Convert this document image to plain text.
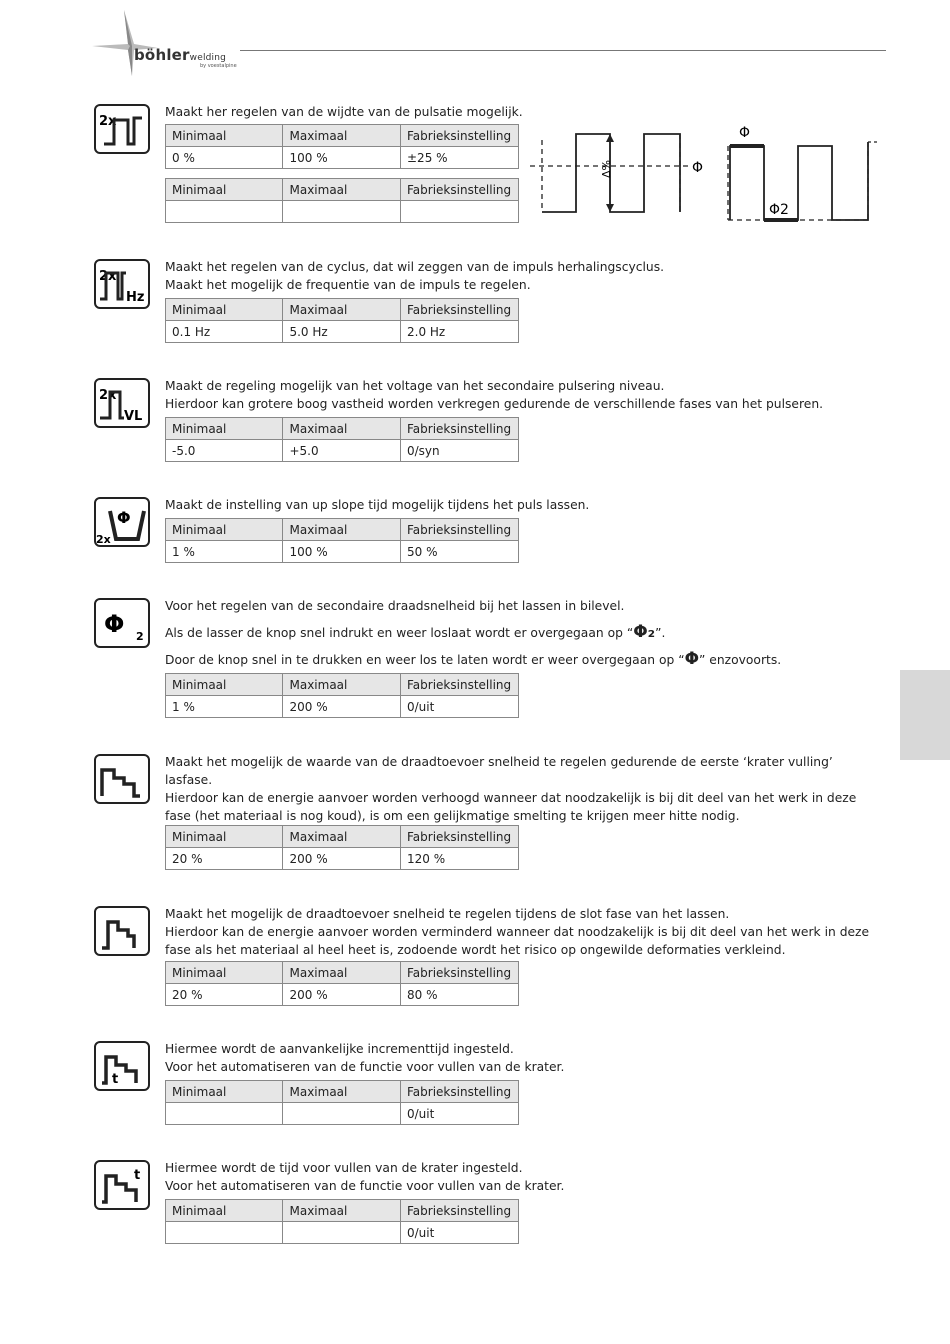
böhlerwelding
by voestalpine
2x

Maakt her regelen van de wijdte van de pulsatie mogelijk.

Minimaal	Maximaal	Fabrieksinstelling
0 %	100 %	±25 %
Minimaal	Maximaal	Fabrieksinstelling

Δ%	Φ
Φ
Φ2
2x
Hz

Maakt het regelen van de cyclus, dat wil zeggen van de impuls herhalingscyclus.

Maakt het mogelijk de frequentie van de impuls te regelen.

Minimaal	Maximaal	Fabrieksinstelling
0.1 Hz	5.0 Hz	2.0 Hz
2x
VL

Maakt de regeling mogelijk van het voltage van het secondaire pulsering niveau.

Hierdoor kan grotere boog vastheid worden verkregen gedurende de verschillende fases van het pulseren.

Minimaal	Maximaal	Fabrieksinstelling
-5.0	+5.0	0/syn
2x
Φ

Maakt de instelling van up slope tijd mogelijk tijdens het puls lassen.

Minimaal	Maximaal	Fabrieksinstelling
1 %	100 %	50 %
Φ 2

Voor het regelen van de secondaire draadsnelheid bij het lassen in bilevel.

Als de lasser de knop snel indrukt en weer loslaat wordt er overgegaan op “Φ₂”.

Door de knop snel in te drukken en weer los te laten wordt er weer overgegaan op “Φ” enzovoorts.

Minimaal	Maximaal	Fabrieksinstelling
1 %	200 %	0/uit

Maakt het mogelijk de waarde van de draadtoevoer snelheid te regelen gedurende de eerste ‘krater vulling’

lasfase.

Hierdoor kan de energie aanvoer worden verhoogd wanneer dat noodzakelijk is bij dit deel van het werk in deze

fase (het materiaal is nog koud), is om een gelijkmatige smelting te krijgen meer hitte nodig.

Minimaal	Maximaal	Fabrieksinstelling
20 %	200 %	120 %

Maakt het mogelijk de draadtoevoer snelheid te regelen tijdens de slot fase van het lassen.

Hierdoor kan de energie aanvoer worden verminderd wanneer dat noodzakelijk is bij dit deel van het werk in deze

fase als het materiaal al heel heet is, zodoende wordt het risico op ongewilde deformaties verkleind.

Minimaal	Maximaal	Fabrieksinstelling
20 %	200 %	80 %
t

Hiermee wordt de aanvankelijke incrementtijd ingesteld.

Voor het automatiseren van de functie voor vullen van de krater.

Minimaal	Maximaal	Fabrieksinstelling
		0/uit
t Hiermee wordt de tijd voor vullen van de krater ingesteld.

Voor het automatiseren van de functie voor vullen van de krater.

Minimaal	Maximaal	Fabrieksinstelling
		0/uit
